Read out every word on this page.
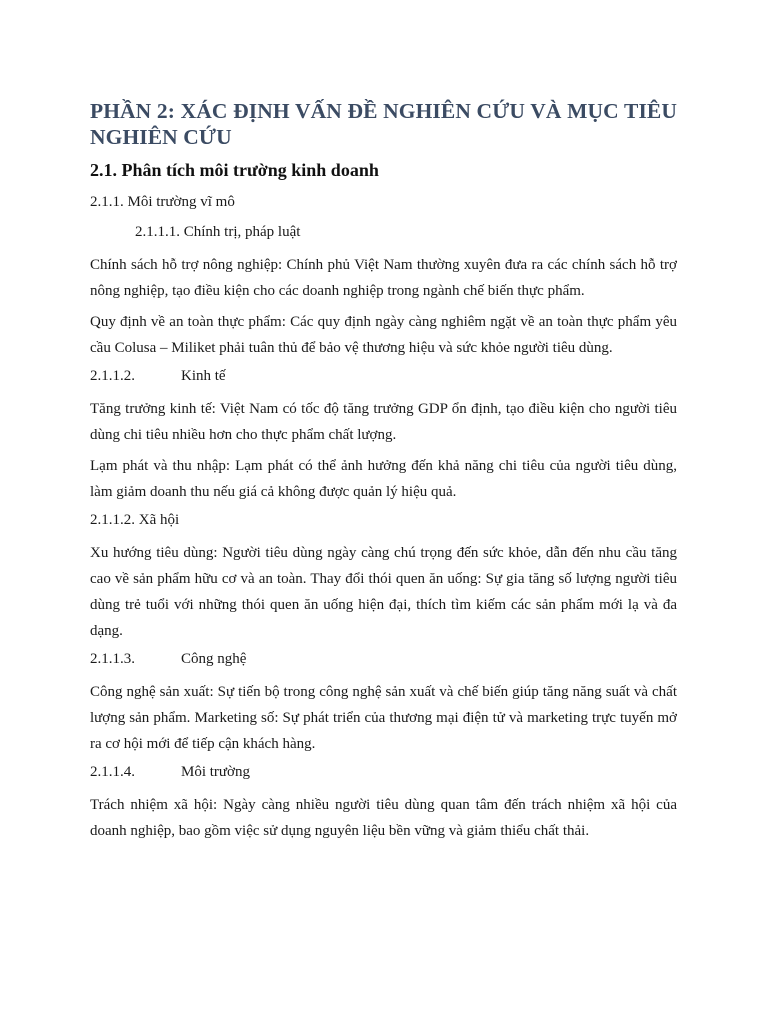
PHẦN 2: XÁC ĐỊNH VẤN ĐỀ NGHIÊN CỨU VÀ MỤC TIÊU NGHIÊN CỨU
2.1. Phân tích môi trường kinh doanh
2.1.1. Môi trường vĩ mô
2.1.1.1. Chính trị, pháp luật

Chính sách hỗ trợ nông nghiệp: Chính phủ Việt Nam thường xuyên đưa ra các chính sách hỗ trợ nông nghiệp, tạo điều kiện cho các doanh nghiệp trong ngành chế biến thực phẩm.

Quy định về an toàn thực phẩm: Các quy định ngày càng nghiêm ngặt về an toàn thực phẩm yêu cầu Colusa – Miliket phải tuân thủ để bảo vệ thương hiệu và sức khỏe người tiêu dùng.

2.1.1.2.	Kinh tế

Tăng trưởng kinh tế: Việt Nam có tốc độ tăng trưởng GDP ổn định, tạo điều kiện cho người tiêu dùng chi tiêu nhiều hơn cho thực phẩm chất lượng.

Lạm phát và thu nhập: Lạm phát có thể ảnh hưởng đến khả năng chi tiêu của người tiêu dùng, làm giảm doanh thu nếu giá cả không được quản lý hiệu quả.

2.1.1.2. Xã hội

Xu hướng tiêu dùng: Người tiêu dùng ngày càng chú trọng đến sức khỏe, dẫn đến nhu cầu tăng cao về sản phẩm hữu cơ và an toàn. Thay đổi thói quen ăn uống: Sự gia tăng số lượng người tiêu dùng trẻ tuổi với những thói quen ăn uống hiện đại, thích tìm kiếm các sản phẩm mới lạ và đa dạng.

2.1.1.3.	Công nghệ

Công nghệ sản xuất: Sự tiến bộ trong công nghệ sản xuất và chế biến giúp tăng năng suất và chất lượng sản phẩm. Marketing số: Sự phát triển của thương mại điện tử và marketing trực tuyến mở ra cơ hội mới để tiếp cận khách hàng.

2.1.1.4.	Môi trường

Trách nhiệm xã hội: Ngày càng nhiều người tiêu dùng quan tâm đến trách nhiệm xã hội của doanh nghiệp, bao gồm việc sử dụng nguyên liệu bền vững và giảm thiểu chất thải.
